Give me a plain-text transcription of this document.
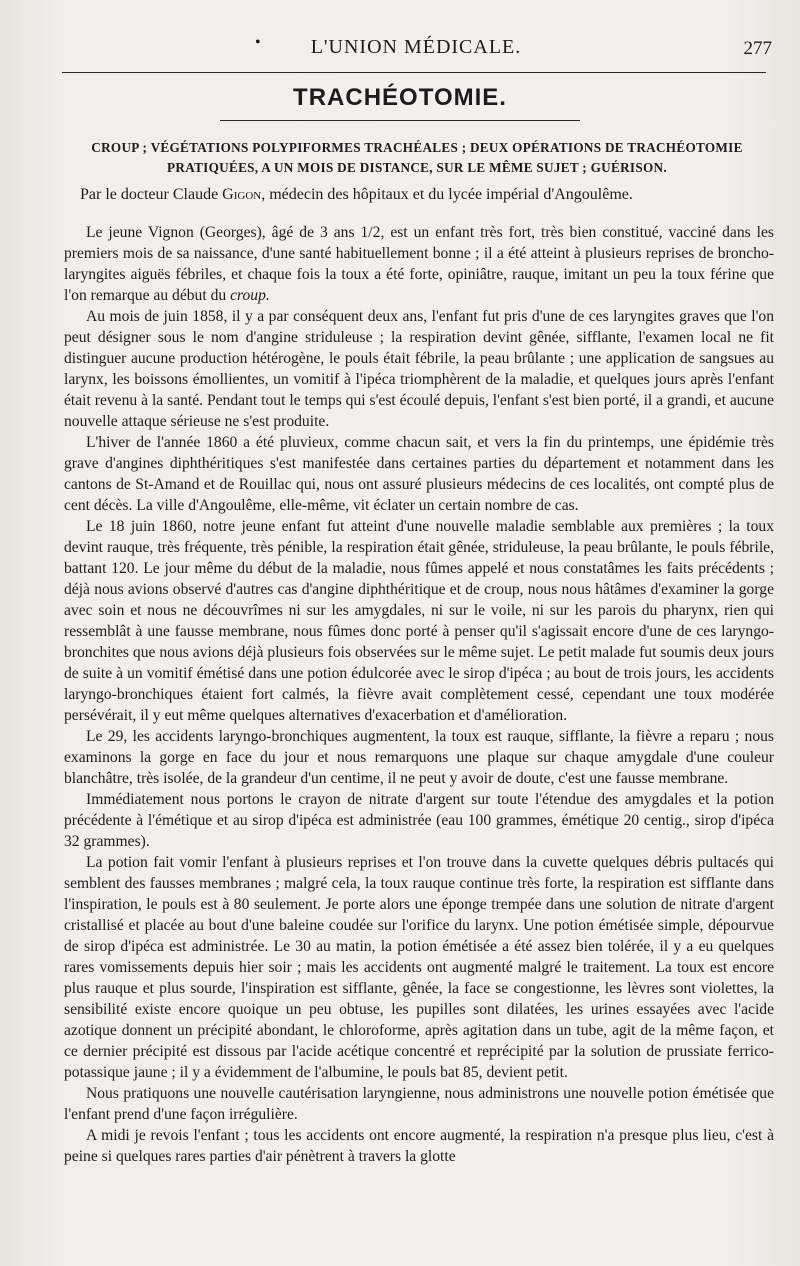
•	L'UNION MÉDICALE.	277
TRACHÉOTOMIE.
CROUP ; VÉGÉTATIONS POLYPIFORMES TRACHÉALES ; DEUX OPÉRATIONS DE TRACHÉOTOMIE PRATIQUÉES, A UN MOIS DE DISTANCE, SUR LE MÊME SUJET ; GUÉRISON.
Par le docteur Claude Gigon, médecin des hôpitaux et du lycée impérial d'Angoulême.

Le jeune Vignon (Georges), âgé de 3 ans 1/2, est un enfant très fort, très bien constitué, vacciné dans les premiers mois de sa naissance, d'une santé habituellement bonne ; il a été atteint à plusieurs reprises de broncho-laryngites aiguës fébriles, et chaque fois la toux a été forte, opiniâtre, rauque, imitant un peu la toux férine que l'on remarque au début du croup.

Au mois de juin 1858, il y a par conséquent deux ans, l'enfant fut pris d'une de ces laryngites graves que l'on peut désigner sous le nom d'angine striduleuse ; la respiration devint gênée, sifflante, l'examen local ne fit distinguer aucune production hétérogène, le pouls était fébrile, la peau brûlante ; une application de sangsues au larynx, les boissons émollientes, un vomitif à l'ipéca triomphèrent de la maladie, et quelques jours après l'enfant était revenu à la santé. Pendant tout le temps qui s'est écoulé depuis, l'enfant s'est bien porté, il a grandi, et aucune nouvelle attaque sérieuse ne s'est produite.

L'hiver de l'année 1860 a été pluvieux, comme chacun sait, et vers la fin du printemps, une épidémie très grave d'angines diphthéritiques s'est manifestée dans certaines parties du département et notamment dans les cantons de St-Amand et de Rouillac qui, nous ont assuré plusieurs médecins de ces localités, ont compté plus de cent décès. La ville d'Angoulême, elle-même, vit éclater un certain nombre de cas.

Le 18 juin 1860, notre jeune enfant fut atteint d'une nouvelle maladie semblable aux premières ; la toux devint rauque, très fréquente, très pénible, la respiration était gênée, striduleuse, la peau brûlante, le pouls fébrile, battant 120. Le jour même du début de la maladie, nous fûmes appelé et nous constatâmes les faits précédents ; déjà nous avions observé d'autres cas d'angine diphthéritique et de croup, nous nous hâtâmes d'examiner la gorge avec soin et nous ne découvrîmes ni sur les amygdales, ni sur le voile, ni sur les parois du pharynx, rien qui ressemblât à une fausse membrane, nous fûmes donc porté à penser qu'il s'agissait encore d'une de ces laryngo-bronchites que nous avions déjà plusieurs fois observées sur le même sujet. Le petit malade fut soumis deux jours de suite à un vomitif émétisé dans une potion édulcorée avec le sirop d'ipéca ; au bout de trois jours, les accidents laryngo-bronchiques étaient fort calmés, la fièvre avait complètement cessé, cependant une toux modérée persévérait, il y eut même quelques alternatives d'exacerbation et d'amélioration.

Le 29, les accidents laryngo-bronchiques augmentent, la toux est rauque, sifflante, la fièvre a reparu ; nous examinons la gorge en face du jour et nous remarquons une plaque sur chaque amygdale d'une couleur blanchâtre, très isolée, de la grandeur d'un centime, il ne peut y avoir de doute, c'est une fausse membrane.

Immédiatement nous portons le crayon de nitrate d'argent sur toute l'étendue des amygdales et la potion précédente à l'émétique et au sirop d'ipéca est administrée (eau 100 grammes, émétique 20 centig., sirop d'ipéca 32 grammes).

La potion fait vomir l'enfant à plusieurs reprises et l'on trouve dans la cuvette quelques débris pultacés qui semblent des fausses membranes ; malgré cela, la toux rauque continue très forte, la respiration est sifflante dans l'inspiration, le pouls est à 80 seulement. Je porte alors une éponge trempée dans une solution de nitrate d'argent cristallisé et placée au bout d'une baleine coudée sur l'orifice du larynx. Une potion émétisée simple, dépourvue de sirop d'ipéca est administrée. Le 30 au matin, la potion émétisée a été assez bien tolérée, il y a eu quelques rares vomissements depuis hier soir ; mais les accidents ont augmenté malgré le traitement. La toux est encore plus rauque et plus sourde, l'inspiration est sifflante, gênée, la face se congestionne, les lèvres sont violettes, la sensibilité existe encore quoique un peu obtuse, les pupilles sont dilatées, les urines essayées avec l'acide azotique donnent un précipité abondant, le chloroforme, après agitation dans un tube, agit de la même façon, et ce dernier précipité est dissous par l'acide acétique concentré et reprécipité par la solution de prussiate ferrico-potassique jaune ; il y a évidemment de l'albumine, le pouls bat 85, devient petit.

Nous pratiquons une nouvelle cautérisation laryngienne, nous administrons une nouvelle potion émétisée que l'enfant prend d'une façon irrégulière.

A midi je revois l'enfant ; tous les accidents ont encore augmenté, la respiration n'a presque plus lieu, c'est à peine si quelques rares parties d'air pénètrent à travers la glotte
